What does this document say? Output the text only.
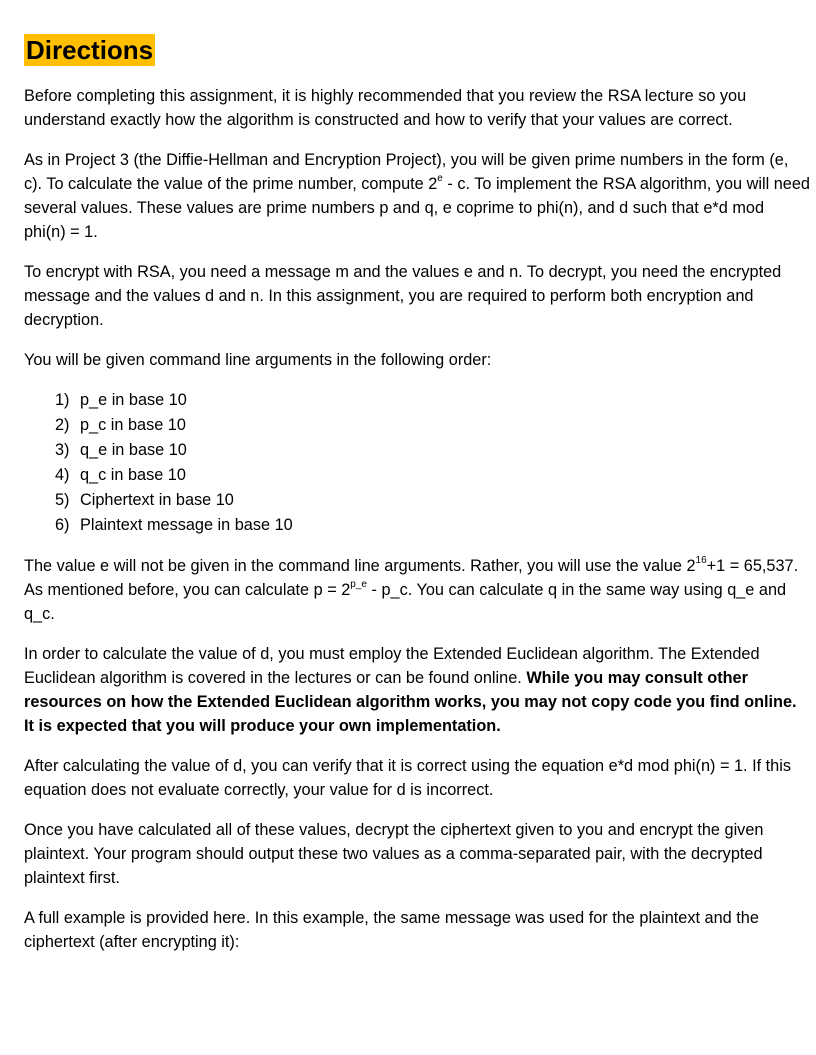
Directions

Before completing this assignment, it is highly recommended that you review the RSA lecture so you understand exactly how the algorithm is constructed and how to verify that your values are correct.

As in Project 3 (the Diffie-Hellman and Encryption Project), you will be given prime numbers in the form (e, c). To calculate the value of the prime number, compute 2e - c. To implement the RSA algorithm, you will need several values. These values are prime numbers p and q, e coprime to phi(n), and d such that e*d mod phi(n) = 1.

To encrypt with RSA, you need a message m and the values e and n. To decrypt, you need the encrypted message and the values d and n. In this assignment, you are required to perform both encryption and decryption.

You will be given command line arguments in the following order:

1) p_e in base 10
2) p_c in base 10
3) q_e in base 10
4) q_c in base 10
5) Ciphertext in base 10
6) Plaintext message in base 10

The value e will not be given in the command line arguments. Rather, you will use the value $2^{16}+1 = 65,537$. As mentioned before, you can calculate $p = 2^{p\_e}$ - p_c. You can calculate q in the same way using q_e and q_c.

In order to calculate the value of d, you must employ the Extended Euclidean algorithm. The Extended Euclidean algorithm is covered in the lectures or can be found online. While you may consult other resources on how the Extended Euclidean algorithm works, you may not copy code you find online. It is expected that you will produce your own implementation.

After calculating the value of d, you can verify that it is correct using the equation e*d mod phi(n) = 1. If this equation does not evaluate correctly, your value for d is incorrect.

Once you have calculated all of these values, decrypt the ciphertext given to you and encrypt the given plaintext. Your program should output these two values as a comma-separated pair, with the decrypted plaintext first.

A full example is provided here. In this example, the same message was used for the plaintext and the ciphertext (after encrypting it):
